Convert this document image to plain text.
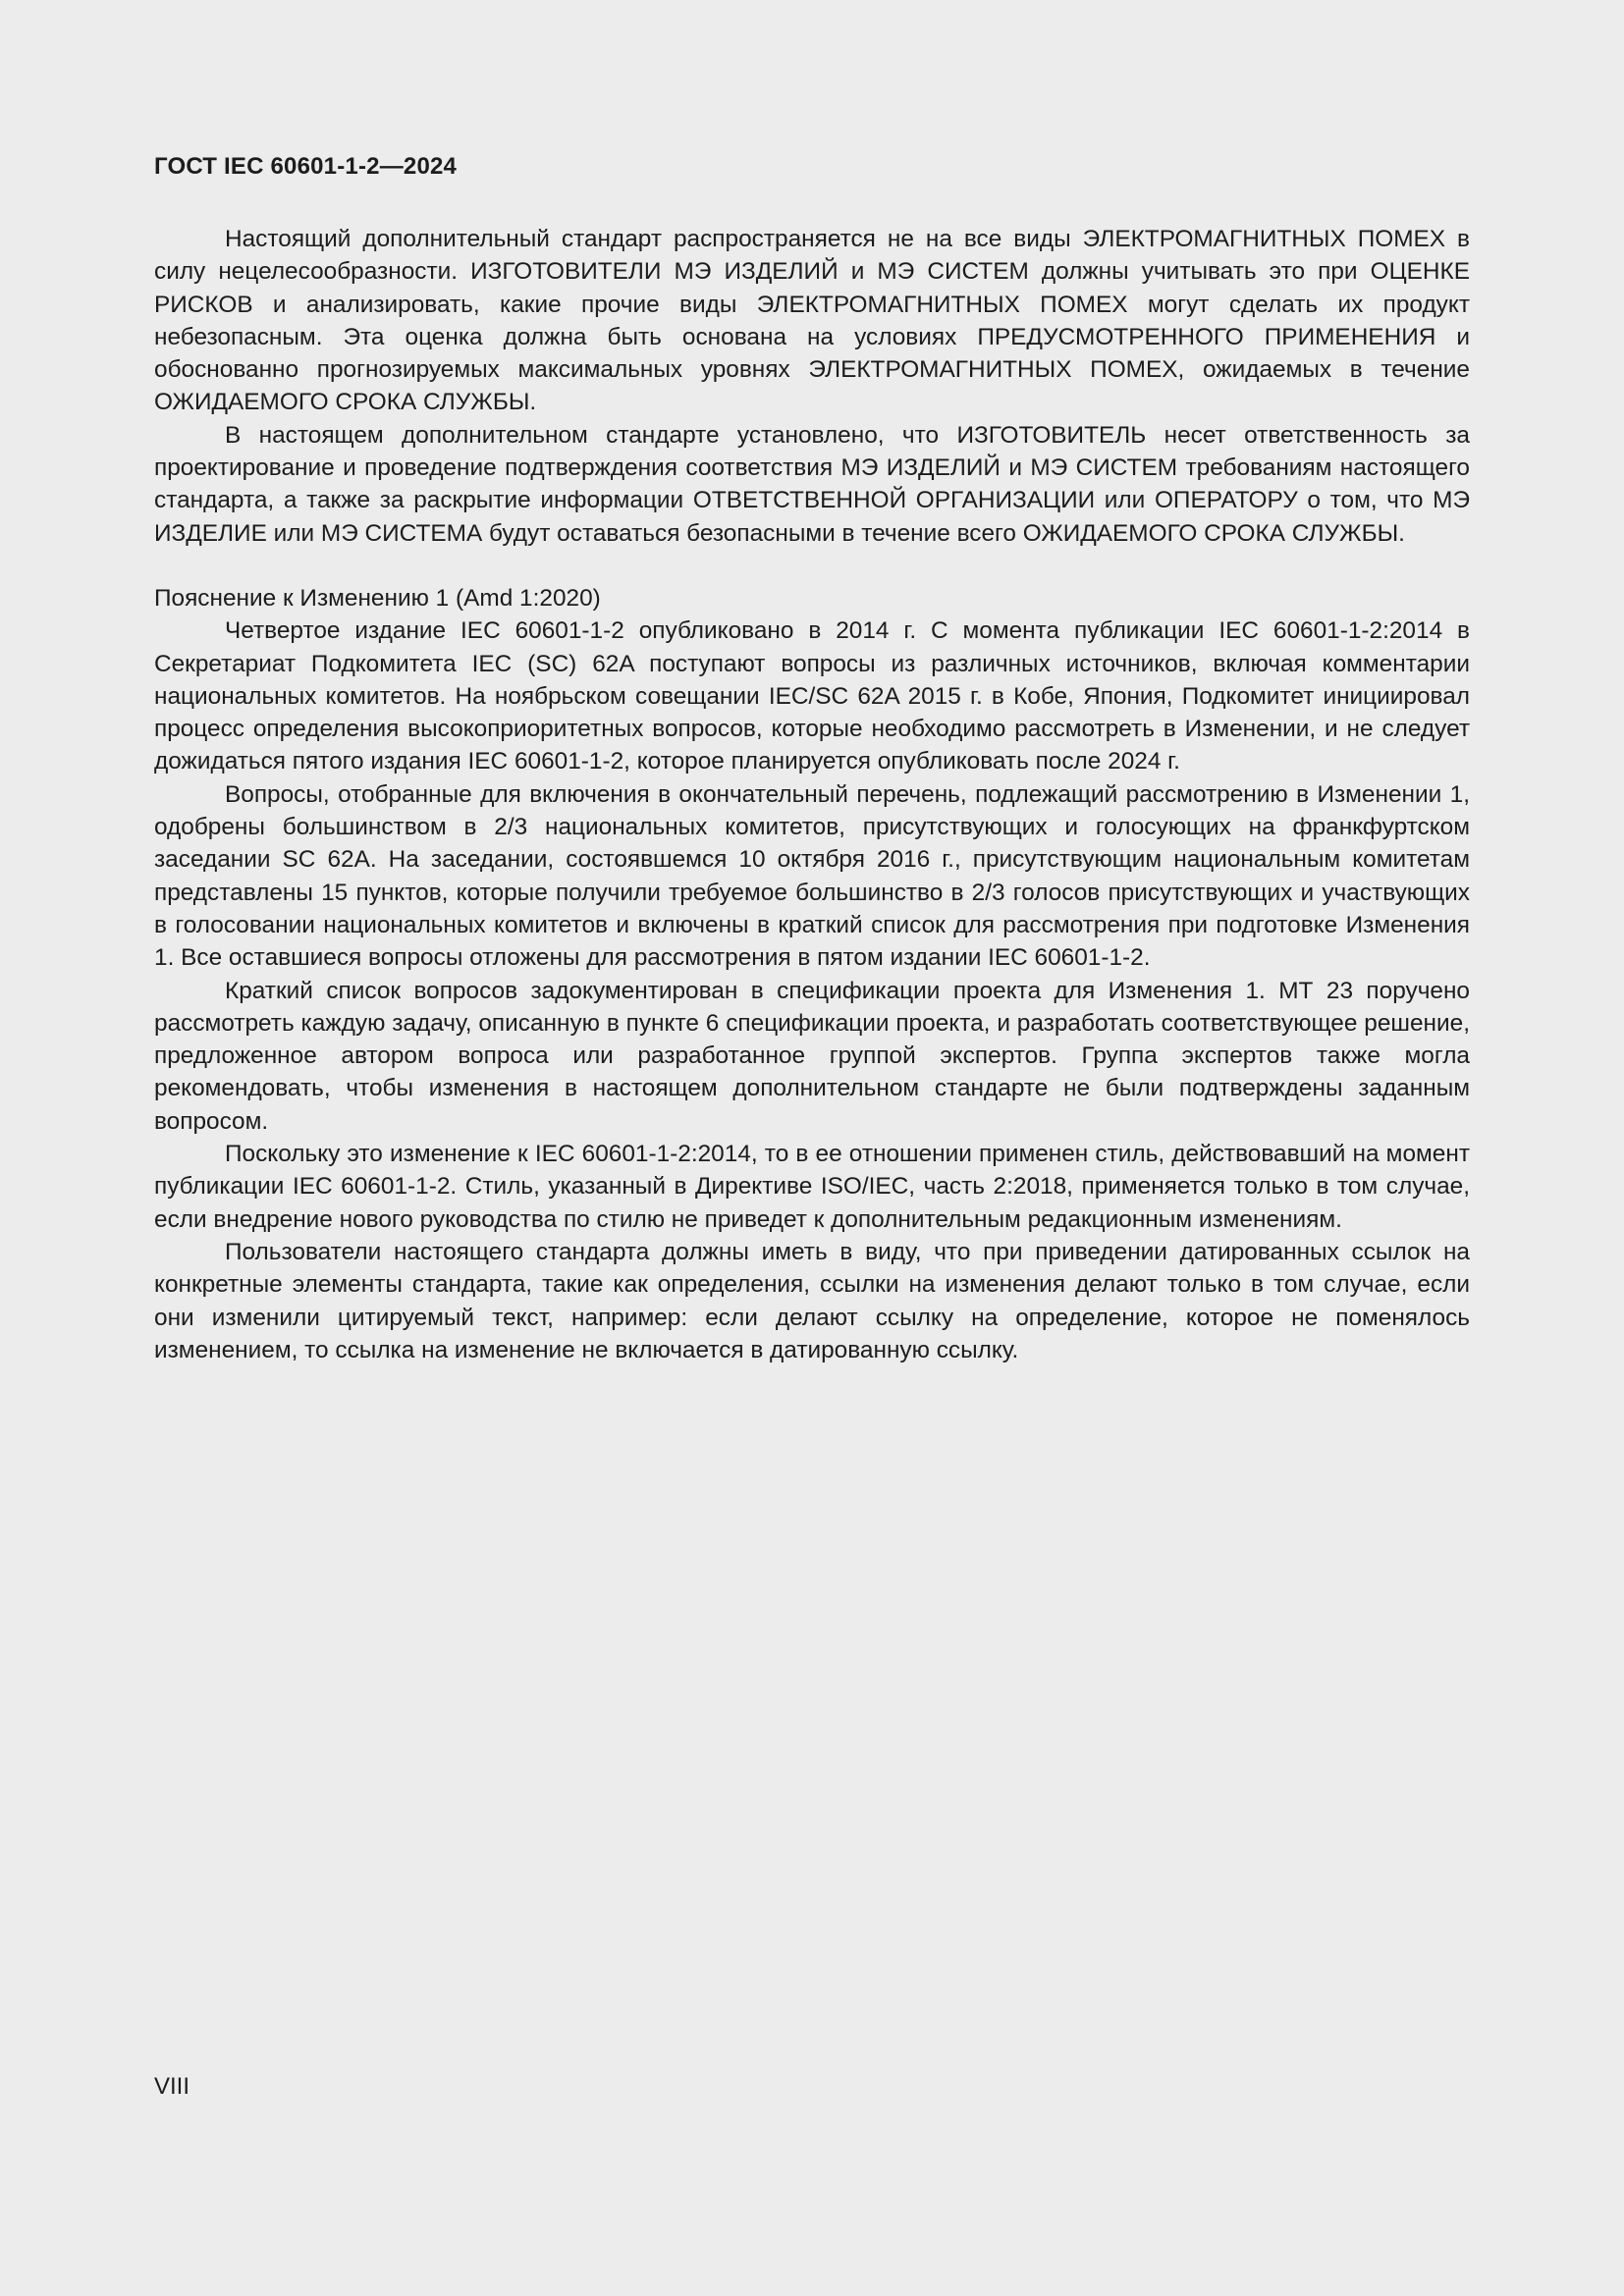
ГОСТ IEC 60601-1-2—2024

Настоящий дополнительный стандарт распространяется не на все виды ЭЛЕКТРОМАГНИТНЫХ ПОМЕХ в силу нецелесообразности. ИЗГОТОВИТЕЛИ МЭ ИЗДЕЛИЙ и МЭ СИСТЕМ должны учитывать это при ОЦЕНКЕ РИСКОВ и анализировать, какие прочие виды ЭЛЕКТРОМАГНИТНЫХ ПОМЕХ могут сделать их продукт небезопасным. Эта оценка должна быть основана на условиях ПРЕДУСМОТРЕННОГО ПРИМЕНЕНИЯ и обоснованно прогнозируемых максимальных уровнях ЭЛЕКТРОМАГНИТНЫХ ПОМЕХ, ожидаемых в течение ОЖИДАЕМОГО СРОКА СЛУЖБЫ.

В настоящем дополнительном стандарте установлено, что ИЗГОТОВИТЕЛЬ несет ответственность за проектирование и проведение подтверждения соответствия МЭ ИЗДЕЛИЙ и МЭ СИСТЕМ требованиям настоящего стандарта, а также за раскрытие информации ОТВЕТСТВЕННОЙ ОРГАНИЗАЦИИ или ОПЕРАТОРУ о том, что МЭ ИЗДЕЛИЕ или МЭ СИСТЕМА будут оставаться безопасными в течение всего ОЖИДАЕМОГО СРОКА СЛУЖБЫ.

Пояснение к Изменению 1 (Amd 1:2020)

Четвертое издание IEC 60601-1-2 опубликовано в 2014 г. С момента публикации IEC 60601-1-2:2014 в Секретариат Подкомитета IEC (SC) 62A поступают вопросы из различных источников, включая комментарии национальных комитетов. На ноябрьском совещании IEC/SC 62A 2015 г. в Кобе, Япония, Подкомитет инициировал процесс определения высокоприоритетных вопросов, которые необходимо рассмотреть в Изменении, и не следует дожидаться пятого издания IEC 60601-1-2, которое планируется опубликовать после 2024 г.

Вопросы, отобранные для включения в окончательный перечень, подлежащий рассмотрению в Изменении 1, одобрены большинством в 2/3 национальных комитетов, присутствующих и голосующих на франкфуртском заседании SC 62A. На заседании, состоявшемся 10 октября 2016 г., присутствующим национальным комитетам представлены 15 пунктов, которые получили требуемое большинство в 2/3 голосов присутствующих и участвующих в голосовании национальных комитетов и включены в краткий список для рассмотрения при подготовке Изменения 1. Все оставшиеся вопросы отложены для рассмотрения в пятом издании IEC 60601-1-2.

Краткий список вопросов задокументирован в спецификации проекта для Изменения 1. МТ 23 поручено рассмотреть каждую задачу, описанную в пункте 6 спецификации проекта, и разработать соответствующее решение, предложенное автором вопроса или разработанное группой экспертов. Группа экспертов также могла рекомендовать, чтобы изменения в настоящем дополнительном стандарте не были подтверждены заданным вопросом.

Поскольку это изменение к IEC 60601-1-2:2014, то в ее отношении применен стиль, действовавший на момент публикации IEC 60601-1-2. Стиль, указанный в Директиве ISO/IEC, часть 2:2018, применяется только в том случае, если внедрение нового руководства по стилю не приведет к дополнительным редакционным изменениям.

Пользователи настоящего стандарта должны иметь в виду, что при приведении датированных ссылок на конкретные элементы стандарта, такие как определения, ссылки на изменения делают только в том случае, если они изменили цитируемый текст, например: если делают ссылку на определение, которое не поменялось изменением, то ссылка на изменение не включается в датированную ссылку.

VIII
